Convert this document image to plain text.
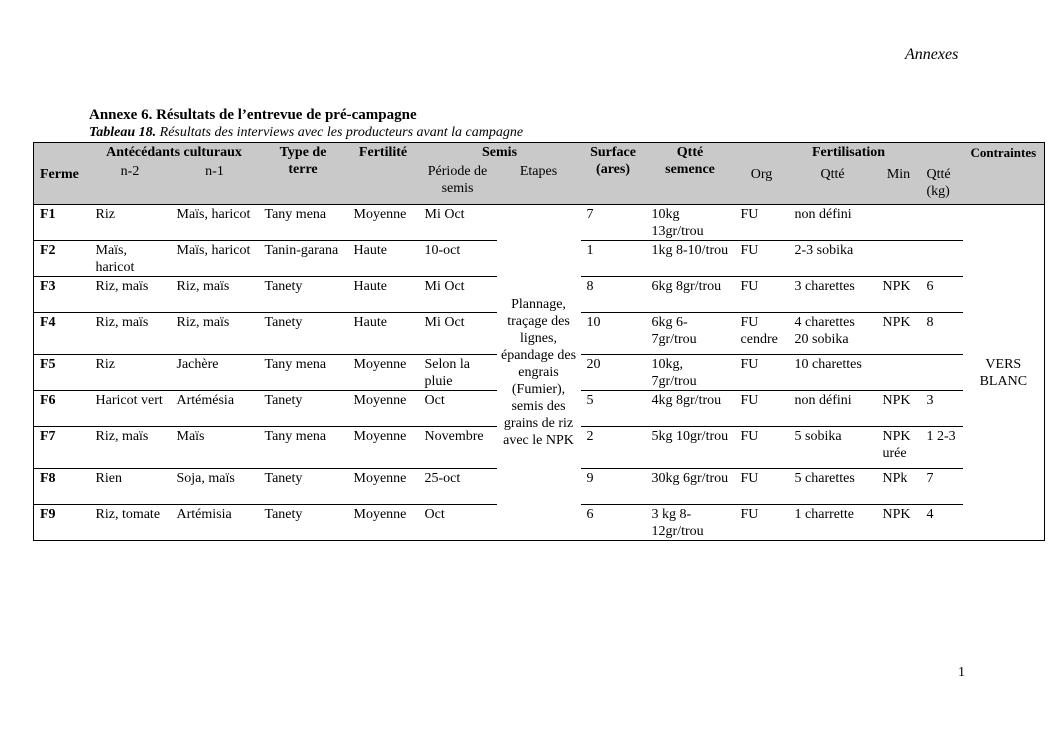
Annexes
Annexe 6. Résultats de l’entrevue de pré-campagne
Tableau 18. Résultats des interviews avec les producteurs avant la campagne
Ferme	Antécédants culturaux		Type de terre	Fertilité	Semis		Surface (ares)	Qtté semence	Fertilisation				Contraintes
	n-2	n-1			Période de semis	Etapes			Org	Qtté	Min	Qtté (kg)	
F1	Riz	Maïs, haricot	Tany mena	Moyenne	Mi Oct	Plannage, traçage des lignes, épandage des engrais (Fumier), semis des grains de riz avec le NPK	7	10kg 13gr/trou	FU	non défini			VERS BLANC
F2	Maïs, haricot	Maïs, haricot	Tanin-garana	Haute	10-oct		1	1kg 8-10/trou	FU	2-3 sobika			
F3	Riz, maïs	Riz, maïs	Tanety	Haute	Mi Oct		8	6kg 8gr/trou	FU	3 charettes	NPK	6	
F4	Riz, maïs	Riz, maïs	Tanety	Haute	Mi Oct		10	6kg 6-7gr/trou	FU cendre	4 charettes 20 sobika	NPK	8	
F5	Riz	Jachère	Tany mena	Moyenne	Selon la pluie		20	10kg, 7gr/trou	FU	10 charettes			
F6	Haricot vert	Artémésia	Tanety	Moyenne	Oct		5	4kg 8gr/trou	FU	non défini	NPK	3	
F7	Riz, maïs	Maïs	Tany mena	Moyenne	Novembre		2	5kg 10gr/trou	FU	5 sobika	NPK urée	1 2-3	
F8	Rien	Soja, maïs	Tanety	Moyenne	25-oct		9	30kg 6gr/trou	FU	5 charettes	NPk	7	
F9	Riz, tomate	Artémisia	Tanety	Moyenne	Oct		6	3 kg 8-12gr/trou	FU	1 charrette	NPK	4	
1
